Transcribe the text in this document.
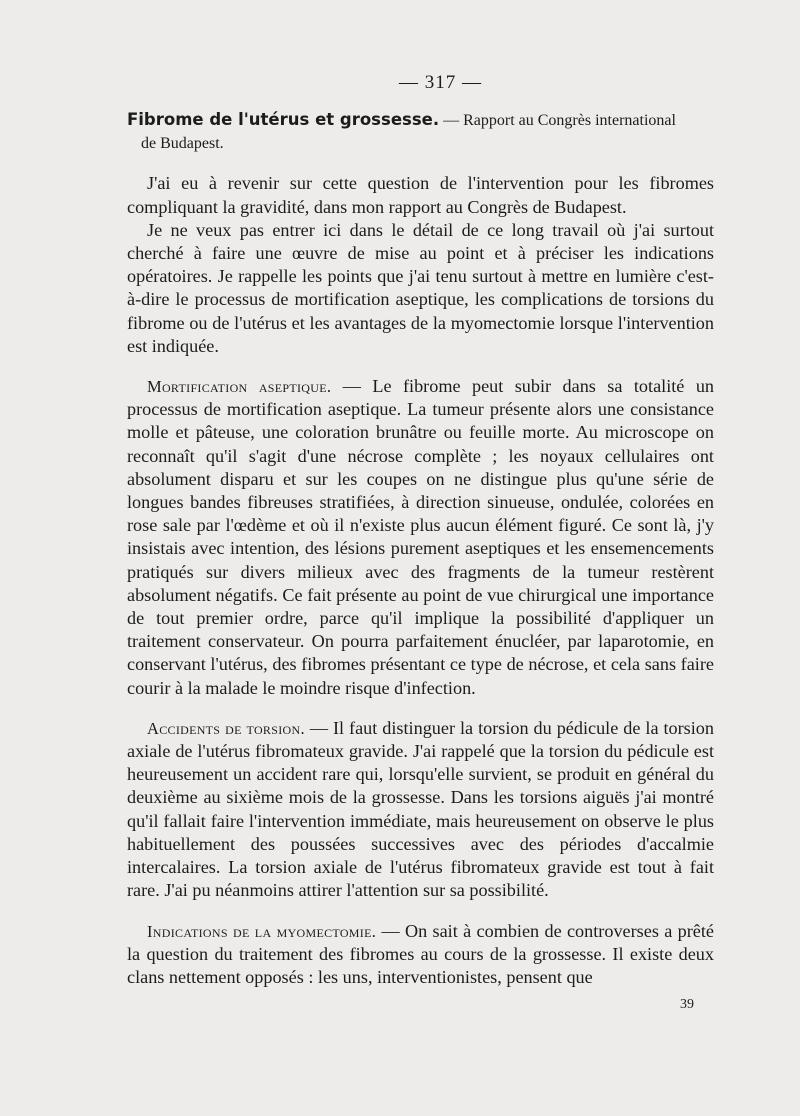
— 317 —

Fibrome de l'utérus et grossesse. — Rapport au Congrès international
de Budapest.

J'ai eu à revenir sur cette question de l'intervention pour les fibromes compliquant la gravidité, dans mon rapport au Congrès de Budapest.

Je ne veux pas entrer ici dans le détail de ce long travail où j'ai surtout cherché à faire une œuvre de mise au point et à préciser les indications opératoires. Je rappelle les points que j'ai tenu surtout à mettre en lumière c'est-à-dire le processus de mortification aseptique, les complications de torsions du fibrome ou de l'utérus et les avantages de la myomectomie lorsque l'intervention est indiquée.

Mortification aseptique. — Le fibrome peut subir dans sa totalité un processus de mortification aseptique. La tumeur présente alors une consistance molle et pâteuse, une coloration brunâtre ou feuille morte. Au microscope on reconnaît qu'il s'agit d'une nécrose complète ; les noyaux cellulaires ont absolument disparu et sur les coupes on ne distingue plus qu'une série de longues bandes fibreuses stratifiées, à direction sinueuse, ondulée, colorées en rose sale par l'œdème et où il n'existe plus aucun élément figuré. Ce sont là, j'y insistais avec intention, des lésions purement aseptiques et les ensemencements pratiqués sur divers milieux avec des fragments de la tumeur restèrent absolument négatifs. Ce fait présente au point de vue chirurgical une importance de tout premier ordre, parce qu'il implique la possibilité d'appliquer un traitement conservateur. On pourra parfaitement énucléer, par laparotomie, en conservant l'utérus, des fibromes présentant ce type de nécrose, et cela sans faire courir à la malade le moindre risque d'infection.

Accidents de torsion. — Il faut distinguer la torsion du pédicule de la torsion axiale de l'utérus fibromateux gravide. J'ai rappelé que la torsion du pédicule est heureusement un accident rare qui, lorsqu'elle survient, se produit en général du deuxième au sixième mois de la grossesse. Dans les torsions aiguës j'ai montré qu'il fallait faire l'intervention immédiate, mais heureusement on observe le plus habituellement des poussées successives avec des périodes d'accalmie intercalaires. La torsion axiale de l'utérus fibromateux gravide est tout à fait rare. J'ai pu néanmoins attirer l'attention sur sa possibilité.

Indications de la myomectomie. — On sait à combien de controverses a prêté la question du traitement des fibromes au cours de la grossesse. Il existe deux clans nettement opposés : les uns, interventionistes, pensent que

39
